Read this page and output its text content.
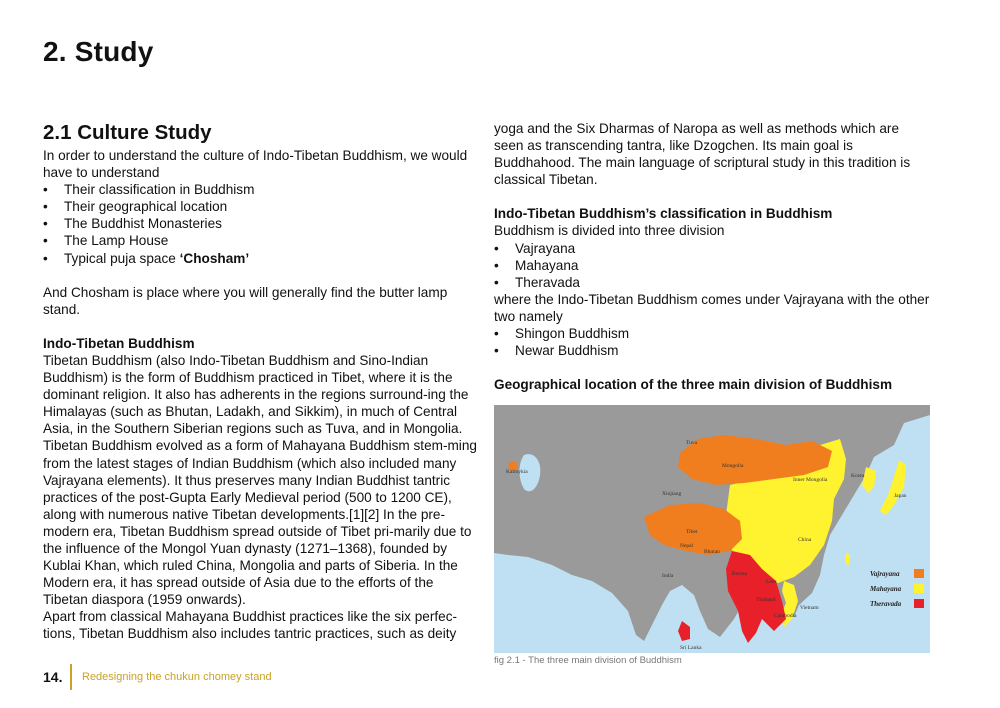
2. Study
2.1 Culture Study

In order to understand the culture of Indo-Tibetan Buddhism, we would have to understand

• Their classification in Buddhism
• Their geographical location
• The Buddhist Monasteries
• The Lamp House
• Typical puja space ‘Chosham’

And Chosham is place where you will generally find the butter lamp stand.

Indo-Tibetan Buddhism

Tibetan Buddhism (also Indo-Tibetan Buddhism and Sino-Indian Buddhism) is the form of Buddhism practiced in Tibet, where it is the dominant religion. It also has adherents in the regions surround-ing the Himalayas (such as Bhutan, Ladakh, and Sikkim), in much of Central Asia, in the Southern Siberian regions such as Tuva, and in Mongolia.

Tibetan Buddhism evolved as a form of Mahayana Buddhism stem-ming from the latest stages of Indian Buddhism (which also included many Vajrayana elements). It thus preserves many Indian Buddhist tantric practices of the post-Gupta Early Medieval period (500 to 1200 CE), along with numerous native Tibetan developments.[1][2] In the pre-modern era, Tibetan Buddhism spread outside of Tibet pri-marily due to the influence of the Mongol Yuan dynasty (1271–1368), founded by Kublai Khan, which ruled China, Mongolia and parts of Siberia. In the Modern era, it has spread outside of Asia due to the efforts of the Tibetan diaspora (1959 onwards).

Apart from classical Mahayana Buddhist practices like the six perfec-tions, Tibetan Buddhism also includes tantric practices, such as deity

yoga and the Six Dharmas of Naropa as well as methods which are seen as transcending tantra, like Dzogchen. Its main goal is Buddhahood. The main language of scriptural study in this tradition is classical Tibetan.

Indo-Tibetan Buddhism’s classification in Buddhism

Buddhism is divided into three division

• Vajrayana
• Mahayana
• Theravada

where the Indo-Tibetan Buddhism comes under Vajrayana with the other two namely

• Shingon Buddhism
• Newar Buddhism

Geographical location of the three main division of Buddhism

Tuva
Mongolia
Inner Mongolia
Kalmykia
Xinjiang
Tibet
Nepal
Bhutan
China
Korea
Japan
India	Burma
Laos
Thailand
Vietnam
Cambodia
Sri Lanka
Vajrayana
Mahayana
Theravada
fig 2.1 - The three main division of Buddhism
14. Redesigning the chukun chomey stand
